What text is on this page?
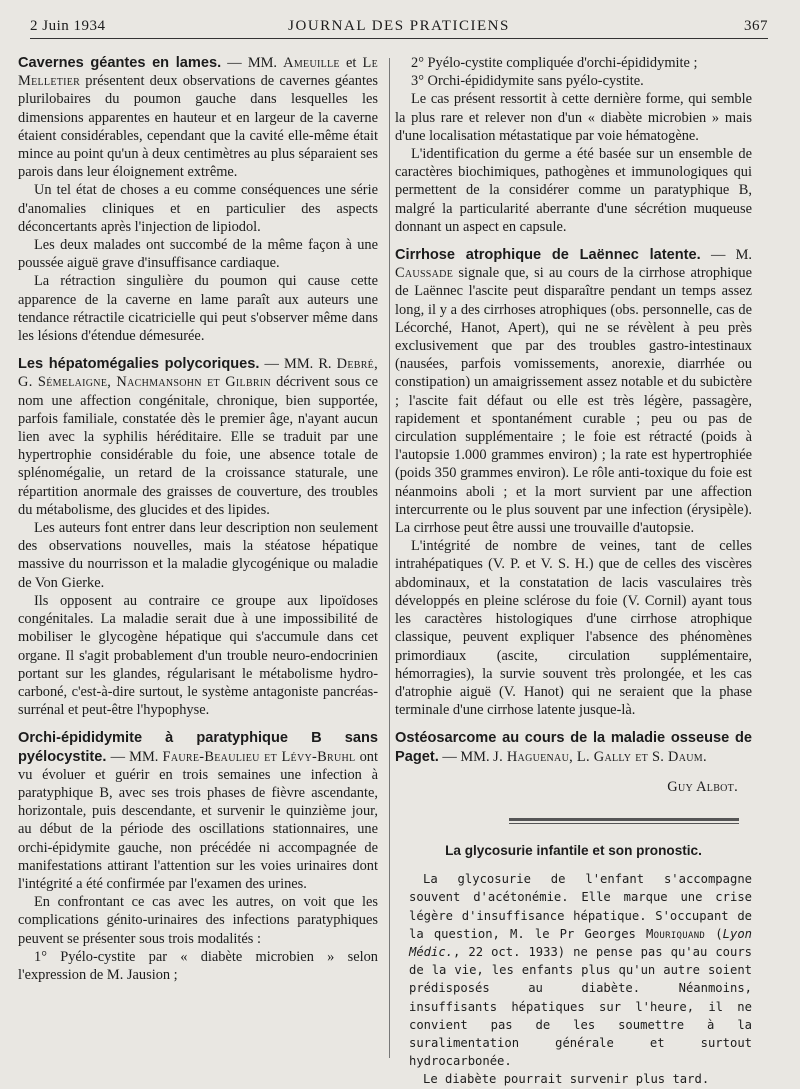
2 Juin 1934	JOURNAL DES PRATICIENS	367

Cavernes géantes en lames. — MM. Ameuille et Le Melletier présentent deux observations de cavernes géantes plurilobaires du poumon gauche dans lesquelles les dimensions apparentes en hauteur et en largeur de la caverne étaient considérables, cependant que la cavité elle-même était mince au point qu'un à deux centimètres au plus séparaient ses parois dans leur éloignement extrême.

Un tel état de choses a eu comme conséquences une série d'anomalies cliniques et en particulier des aspects déconcertants après l'injection de lipiodol.

Les deux malades ont succombé de la même façon à une poussée aiguë grave d'insuffisance cardiaque.

La rétraction singulière du poumon qui cause cette apparence de la caverne en lame paraît aux auteurs une tendance rétractile cicatricielle qui peut s'observer même dans les lésions d'étendue démesurée.

Les hépatomégalies polycoriques. — MM. R. Debré, G. Sémelaigne, Nachmansohn et Gilbrin décrivent sous ce nom une affection congénitale, chronique, bien supportée, parfois familiale, constatée dès le premier âge, n'ayant aucun lien avec la syphilis héréditaire. Elle se traduit par une hypertrophie considérable du foie, une absence totale de splénomégalie, un retard de la croissance staturale, une répartition anormale des graisses de couverture, des troubles du métabolisme, des glucides et des lipides.

Les auteurs font entrer dans leur description non seulement des observations nouvelles, mais la stéatose hépatique massive du nourrisson et la maladie glycogénique ou maladie de Von Gierke.

Ils opposent au contraire ce groupe aux lipoïdoses congénitales. La maladie serait due à une impossibilité de mobiliser le glycogène hépatique qui s'accumule dans cet organe. Il s'agit probablement d'un trouble neuro-endocrinien portant sur les glandes, régularisant le métabolisme hydro-carboné, c'est-à-dire surtout, le système antagoniste pancréas-surrénal et peut-être l'hypophyse.

Orchi-épididymite à paratyphique B sans pyélocystite. — MM. Faure-Beaulieu et Lévy-Bruhl ont vu évoluer et guérir en trois semaines une infection à paratyphique B, avec ses trois phases de fièvre ascendante, horizontale, puis descendante, et survenir le quinzième jour, au début de la période des oscillations stationnaires, une orchi-épidymite gauche, non précédée ni accompagnée de manifestations attirant l'attention sur les voies urinaires dont l'intégrité a été confirmée par l'examen des urines.

En confrontant ce cas avec les autres, on voit que les complications génito-urinaires des infections paratyphiques peuvent se présenter sous trois modalités :

1° Pyélo-cystite par « diabète microbien » selon l'expression de M. Jausion ;

2° Pyélo-cystite compliquée d'orchi-épididymite ;

3° Orchi-épididymite sans pyélo-cystite.

Le cas présent ressortit à cette dernière forme, qui semble la plus rare et relever non d'un « diabète microbien » mais d'une localisation métastatique par voie hématogène.

L'identification du germe a été basée sur un ensemble de caractères biochimiques, pathogènes et immunologiques qui permettent de la considérer comme un paratyphique B, malgré la particularité aberrante d'une sécrétion muqueuse donnant un aspect en capsule.

Cirrhose atrophique de Laënnec latente. — M. Caussade signale que, si au cours de la cirrhose atrophique de Laënnec l'ascite peut disparaître pendant un temps assez long, il y a des cirrhoses atrophiques (obs. personnelle, cas de Lécorché, Hanot, Apert), qui ne se révèlent à peu près exclusivement que par des troubles gastro-intestinaux (nausées, parfois vomissements, anorexie, diarrhée ou constipation) un amaigrissement assez notable et du subictère ; l'ascite fait défaut ou elle est très légère, passagère, rapidement et spontanément curable ; peu ou pas de circulation supplémentaire ; le foie est rétracté (poids à l'autopsie 1.000 grammes environ) ; la rate est hypertrophiée (poids 350 grammes environ). Le rôle anti-toxique du foie est néanmoins aboli ; et la mort survient par une affection intercurrente ou le plus souvent par une infection (érysipèle). La cirrhose peut être aussi une trouvaille d'autopsie.

L'intégrité de nombre de veines, tant de celles intrahépatiques (V. P. et V. S. H.) que de celles des viscères abdominaux, et la constatation de lacis vasculaires très développés en pleine sclérose du foie (V. Cornil) ayant tous les caractères histologiques d'une cirrhose atrophique classique, peuvent expliquer l'absence des phénomènes primordiaux (ascite, circulation supplémentaire, hémorragies), la survie souvent très prolongée, et les cas d'atrophie aiguë (V. Hanot) qui ne seraient que la phase terminale d'une cirrhose latente jusque-là.

Ostéosarcome au cours de la maladie osseuse de Paget. — MM. J. Haguenau, L. Gally et S. Daum.

Guy Albot.
La glycosurie infantile et son pronostic.

La glycosurie de l'enfant s'accompagne souvent d'acétonémie. Elle marque une crise légère d'insuffisance hépatique. S'occupant de la question, M. le Pr Georges Mouriquand (Lyon Médic., 22 oct. 1933) ne pense pas qu'au cours de la vie, les enfants plus qu'un autre soient prédisposés au diabète. Néanmoins, insuffisants hépatiques sur l'heure, il ne convient pas de les soumettre à la suralimentation générale et surtout hydrocarbonée.

Le diabète pourrait survenir plus tard.
